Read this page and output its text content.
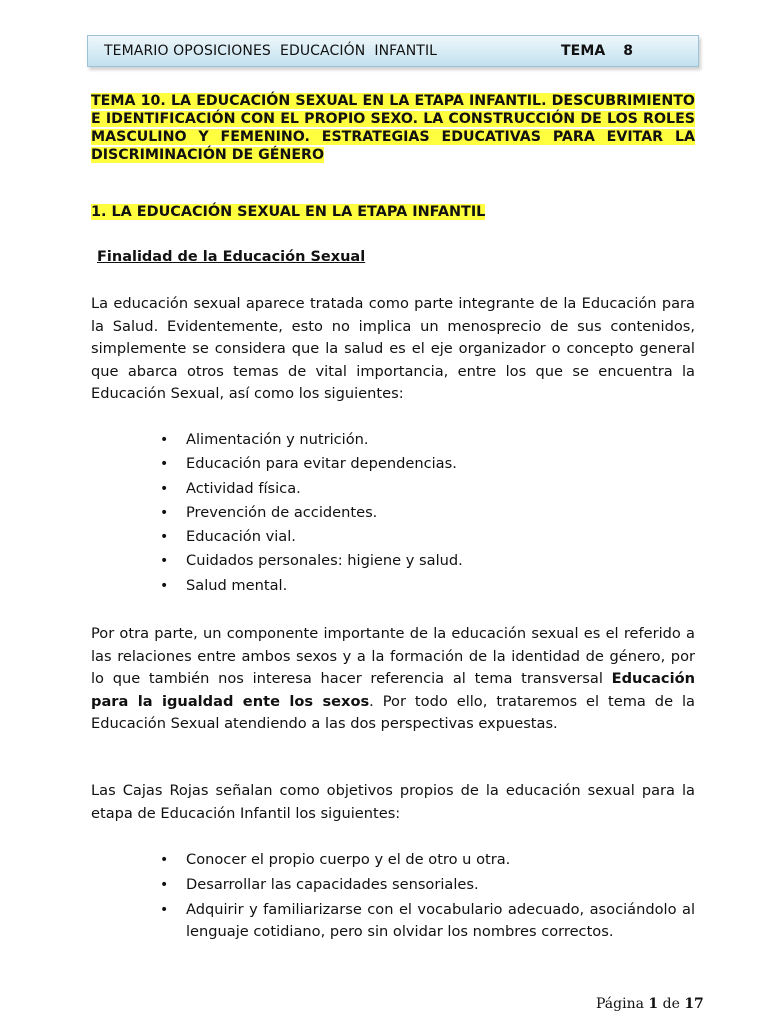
TEMARIO OPOSICIONES  EDUCACIÓN  INFANTIL	TEMA  8
TEMA 10. LA EDUCACIÓN SEXUAL EN LA ETAPA INFANTIL. DESCUBRIMIENTO E IDENTIFICACIÓN CON EL PROPIO SEXO. LA CONSTRUCCIÓN DE LOS ROLES MASCULINO Y FEMENINO. ESTRATEGIAS EDUCATIVAS PARA EVITAR LA DISCRIMINACIÓN DE GÉNERO
1. LA EDUCACIÓN SEXUAL EN LA ETAPA INFANTIL
Finalidad de la Educación Sexual

La educación sexual aparece tratada como parte integrante de la Educación para la Salud. Evidentemente, esto no implica un menosprecio de sus contenidos, simplemente se considera que la salud es el eje organizador o concepto general que abarca otros temas de vital importancia, entre los que se encuentra la Educación Sexual, así como los siguientes:

• Alimentación y nutrición.
• Educación para evitar dependencias.
• Actividad física.
• Prevención de accidentes.
• Educación vial.
• Cuidados personales: higiene y salud.
• Salud mental.

Por otra parte, un componente importante de la educación sexual es el referido a las relaciones entre ambos sexos y a la formación de la identidad de género, por lo que también nos interesa hacer referencia al tema transversal Educación para la igualdad ente los sexos. Por todo ello, trataremos el tema de la Educación Sexual atendiendo a las dos perspectivas expuestas.

Las Cajas Rojas señalan como objetivos propios de la educación sexual para la etapa de Educación Infantil los siguientes:

• Conocer el propio cuerpo y el de otro u otra.
• Desarrollar las capacidades sensoriales.
• Adquirir y familiarizarse con el vocabulario adecuado, asociándolo al lenguaje cotidiano, pero sin olvidar los nombres correctos.
Página 1 de 17
